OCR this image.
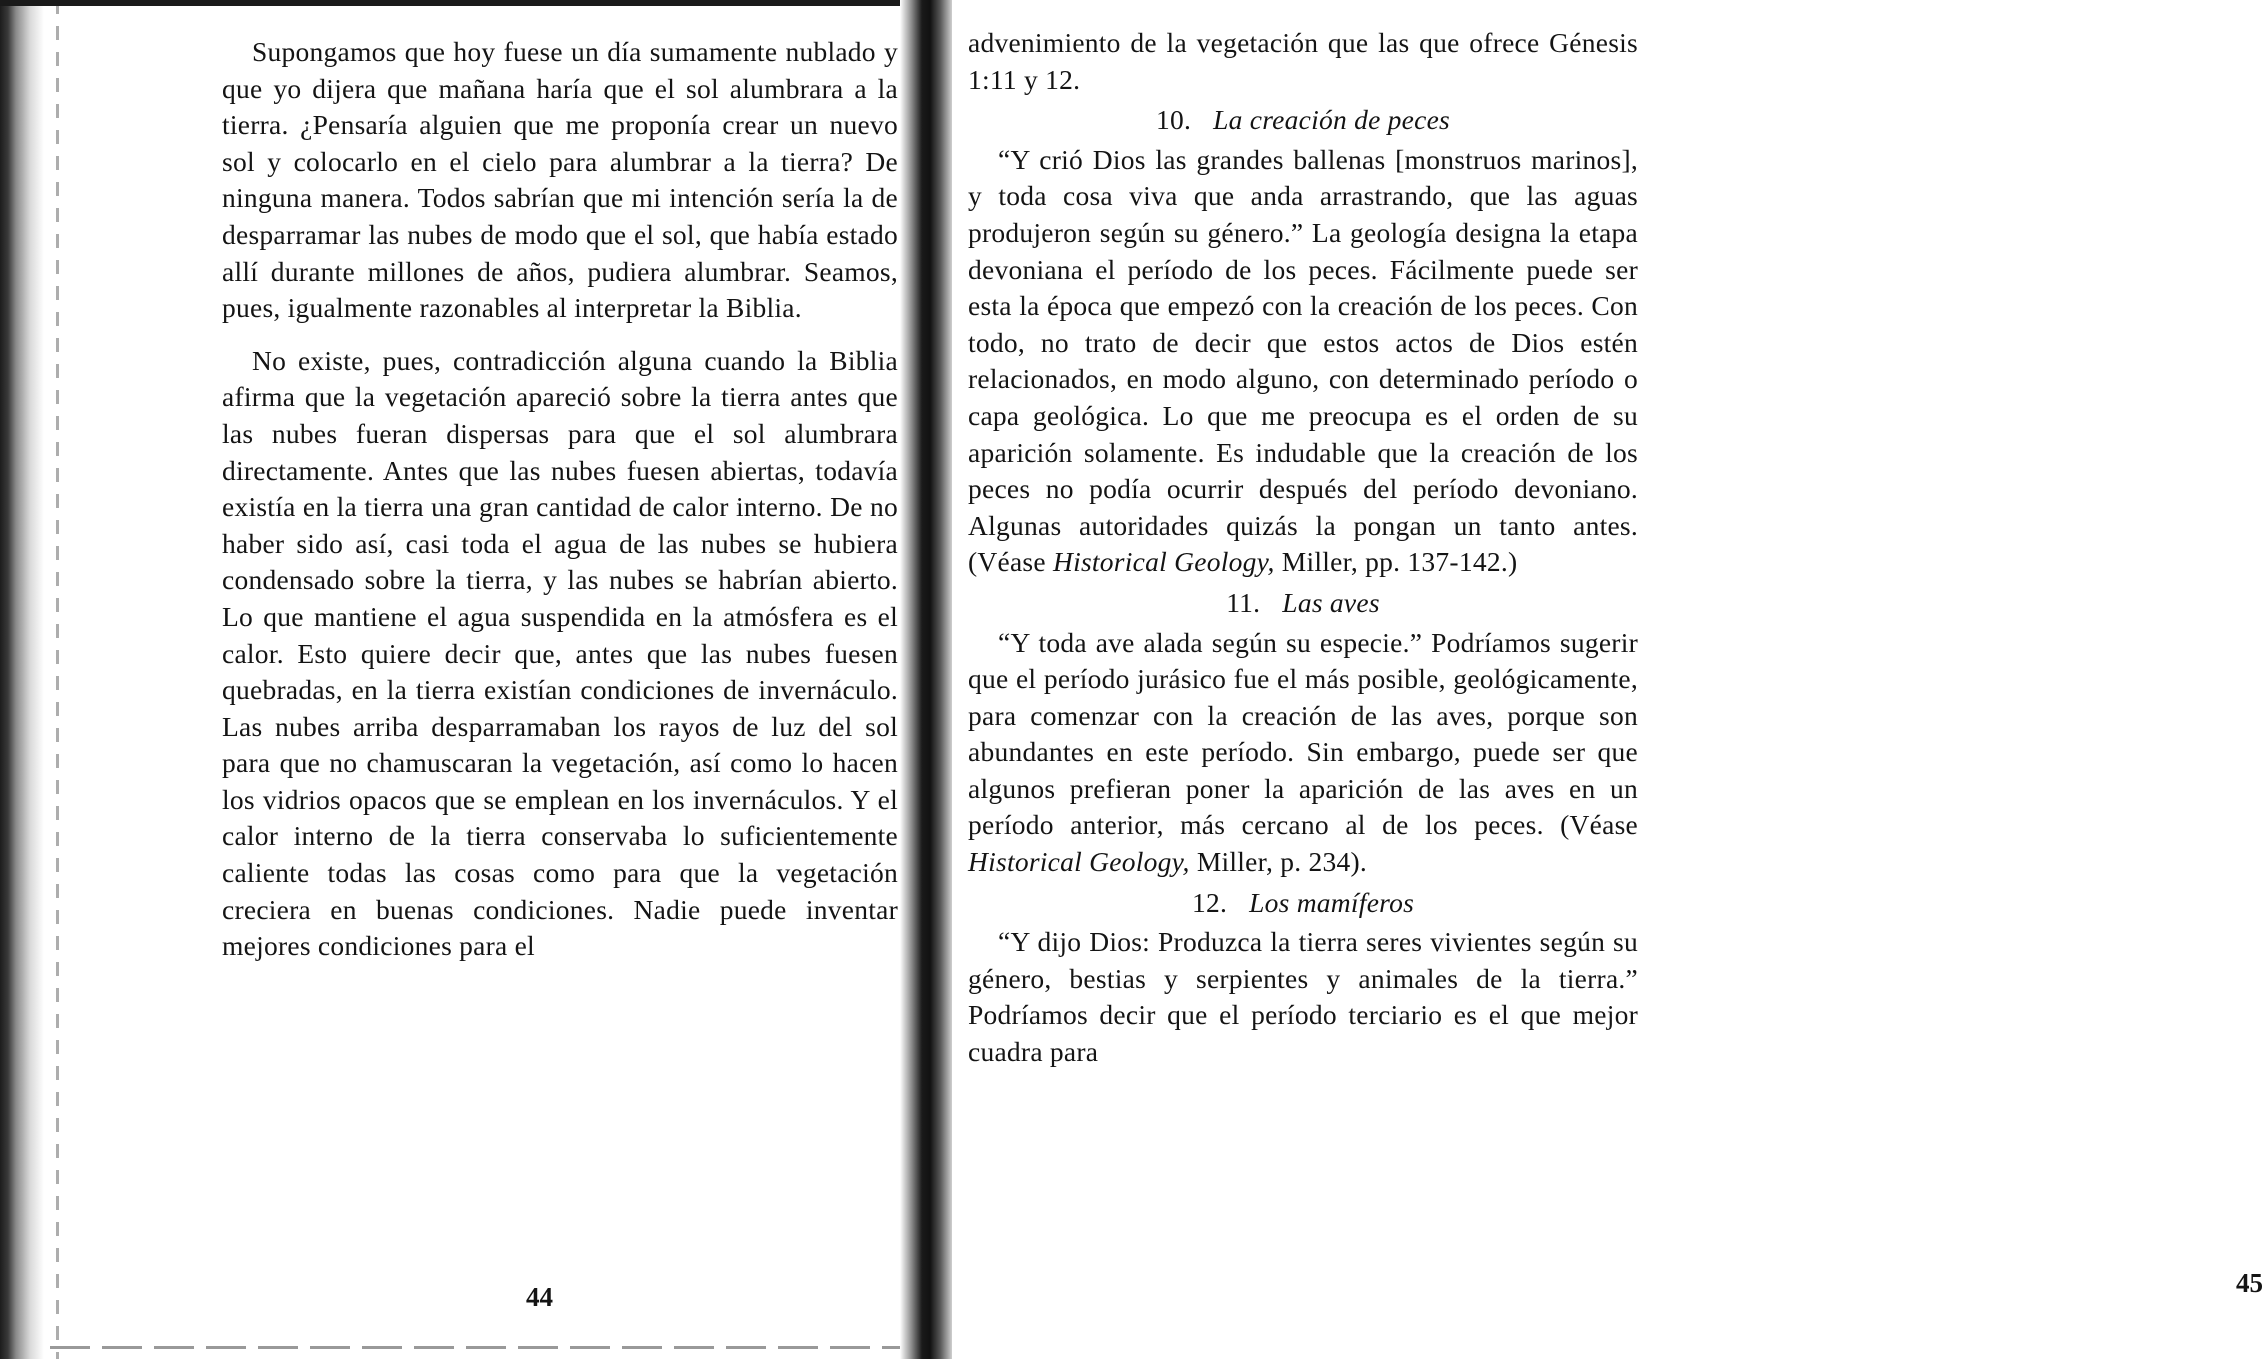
Supongamos que hoy fuese un día sumamente nublado y que yo dijera que mañana haría que el sol alumbrara a la tierra. ¿Pensaría alguien que me proponía crear un nuevo sol y colocarlo en el cielo para alumbrar a la tierra? De ninguna manera. Todos sabrían que mi intención sería la de desparramar las nubes de modo que el sol, que había estado allí durante millones de años, pudiera alumbrar. Seamos, pues, igualmente razonables al interpretar la Biblia.

No existe, pues, contradicción alguna cuando la Biblia afirma que la vegetación apareció sobre la tierra antes que las nubes fueran dispersas para que el sol alumbrara directamente. Antes que las nubes fuesen abiertas, todavía existía en la tierra una gran cantidad de calor interno. De no haber sido así, casi toda el agua de las nubes se hubiera condensado sobre la tierra, y las nubes se habrían abierto. Lo que mantiene el agua suspendida en la atmósfera es el calor. Esto quiere decir que, antes que las nubes fuesen quebradas, en la tierra existían condiciones de invernáculo. Las nubes arriba desparramaban los rayos de luz del sol para que no chamuscaran la vegetación, así como lo hacen los vidrios opacos que se emplean en los invernáculos. Y el calor interno de la tierra conservaba lo suficientemente caliente todas las cosas como para que la vegetación creciera en buenas condiciones. Nadie puede inventar mejores condiciones para el

44

advenimiento de la vegetación que las que ofrece Génesis 1:11 y 12.

10. La creación de peces

“Y crió Dios las grandes ballenas [monstruos marinos], y toda cosa viva que anda arrastrando, que las aguas produjeron según su género.” La geología designa la etapa devoniana el período de los peces. Fácilmente puede ser esta la época que empezó con la creación de los peces. Con todo, no trato de decir que estos actos de Dios estén relacionados, en modo alguno, con determinado período o capa geológica. Lo que me preocupa es el orden de su aparición solamente. Es indudable que la creación de los peces no podía ocurrir después del período devoniano. Algunas autoridades quizás la pongan un tanto antes. (Véase Historical Geology, Miller, pp. 137-142.)

11. Las aves

“Y toda ave alada según su especie.” Podríamos sugerir que el período jurásico fue el más posible, geológicamente, para comenzar con la creación de las aves, porque son abundantes en este período. Sin embargo, puede ser que algunos prefieran poner la aparición de las aves en un período anterior, más cercano al de los peces. (Véase Historical Geology, Miller, p. 234).

12. Los mamíferos

“Y dijo Dios: Produzca la tierra seres vivientes según su género, bestias y serpientes y animales de la tierra.” Podríamos decir que el período terciario es el que mejor cuadra para

45
